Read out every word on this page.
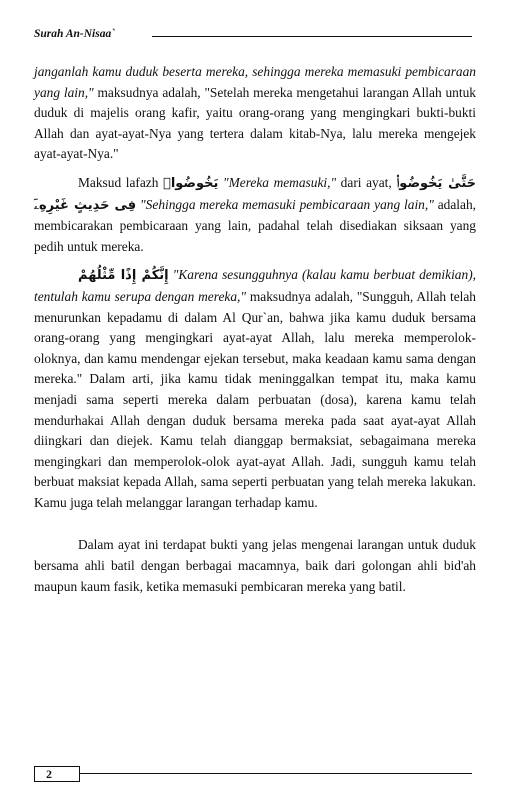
Surah An-Nisaa`

janganlah kamu duduk beserta mereka, sehingga mereka memasuki pembicaraan yang lain," maksudnya adalah, "Setelah mereka mengetahui larangan Allah untuk duduk di majelis orang kafir, yaitu orang-orang yang mengingkari bukti-bukti Allah dan ayat-ayat-Nya yang tertera dalam kitab-Nya, lalu mereka mengejek ayat-ayat-Nya."

Maksud lafazh يَخُوضُوا۟ "Mereka memasuki," dari ayat, حَتَّىٰ يَخُوضُوا۟ فِى حَدِيثٍ غَيْرِهِۦٓ "Sehingga mereka memasuki pembicaraan yang lain," adalah, membicarakan pembicaraan yang lain, padahal telah disediakan siksaan yang pedih untuk mereka.

إِنَّكُمْ إِذًا مِّثْلُهُمْ "Karena sesungguhnya (kalau kamu berbuat demikian), tentulah kamu serupa dengan mereka," maksudnya adalah, "Sungguh, Allah telah menurunkan kepadamu di dalam Al Qur`an, bahwa jika kamu duduk bersama orang-orang yang mengingkari ayat-ayat Allah, lalu mereka memperolok-oloknya, dan kamu mendengar ejekan tersebut, maka keadaan kamu sama dengan mereka." Dalam arti, jika kamu tidak meninggalkan tempat itu, maka kamu menjadi sama seperti mereka dalam perbuatan (dosa), karena kamu telah mendurhakai Allah dengan duduk bersama mereka pada saat ayat-ayat Allah diingkari dan diejek. Kamu telah dianggap bermaksiat, sebagaimana mereka mengingkari dan memperolok-olok ayat-ayat Allah. Jadi, sungguh kamu telah berbuat maksiat kepada Allah, sama seperti perbuatan yang telah mereka lakukan. Kamu juga telah melanggar larangan terhadap kamu.

Dalam ayat ini terdapat bukti yang jelas mengenai larangan untuk duduk bersama ahli batil dengan berbagai macamnya, baik dari golongan ahli bid'ah maupun kaum fasik, ketika memasuki pembicaran mereka yang batil.

2
